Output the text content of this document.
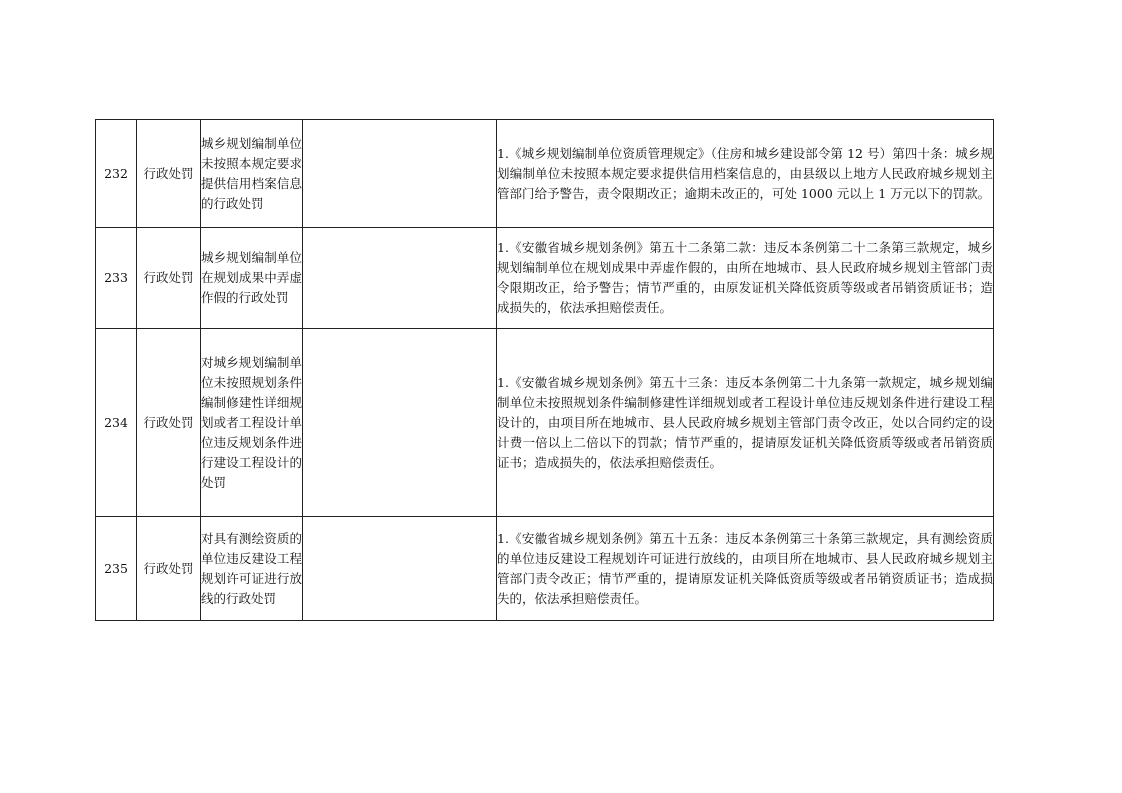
232	行政处罚	城乡规划编制单位未按照本规定要求提供信用档案信息的行政处罚		1.《城乡规划编制单位资质管理规定》（住房和城乡建设部令第 12 号）第四十条：城乡规划编制单位未按照本规定要求提供信用档案信息的，由县级以上地方人民政府城乡规划主管部门给予警告，责令限期改正；逾期未改正的，可处 1000 元以上 1 万元以下的罚款。
233	行政处罚	城乡规划编制单位在规划成果中弄虚作假的行政处罚		1.《安徽省城乡规划条例》第五十二条第二款：违反本条例第二十二条第三款规定，城乡规划编制单位在规划成果中弄虚作假的，由所在地城市、县人民政府城乡规划主管部门责令限期改正，给予警告；情节严重的，由原发证机关降低资质等级或者吊销资质证书；造成损失的，依法承担赔偿责任。
234	行政处罚	对城乡规划编制单位未按照规划条件编制修建性详细规划或者工程设计单位违反规划条件进行建设工程设计的处罚		1.《安徽省城乡规划条例》第五十三条：违反本条例第二十九条第一款规定，城乡规划编制单位未按照规划条件编制修建性详细规划或者工程设计单位违反规划条件进行建设工程设计的，由项目所在地城市、县人民政府城乡规划主管部门责令改正，处以合同约定的设计费一倍以上二倍以下的罚款；情节严重的，提请原发证机关降低资质等级或者吊销资质证书；造成损失的，依法承担赔偿责任。
235	行政处罚	对具有测绘资质的单位违反建设工程规划许可证进行放线的行政处罚		1.《安徽省城乡规划条例》第五十五条：违反本条例第三十条第三款规定，具有测绘资质的单位违反建设工程规划许可证进行放线的，由项目所在地城市、县人民政府城乡规划主管部门责令改正；情节严重的，提请原发证机关降低资质等级或者吊销资质证书；造成损失的，依法承担赔偿责任。
